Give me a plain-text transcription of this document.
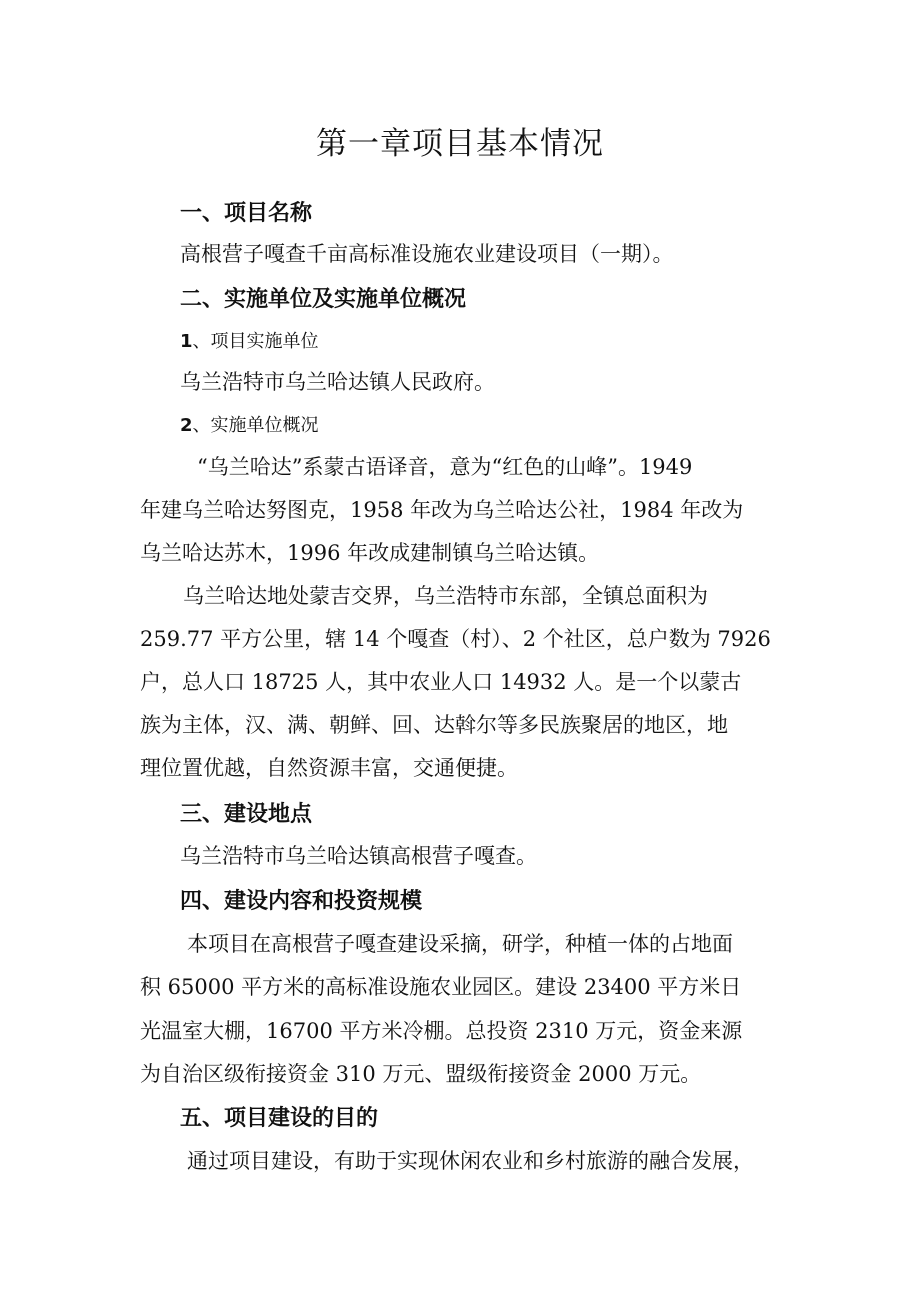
第一章项目基本情况
一、项目名称
高根营子嘎查千亩高标准设施农业建设项目（一期）。
二、实施单位及实施单位概况
1、项目实施单位
乌兰浩特市乌兰哈达镇人民政府。
2、实施单位概况
“乌兰哈达”系蒙古语译音，意为“红色的山峰”。1949
年建乌兰哈达努图克，1958 年改为乌兰哈达公社，1984 年改为
乌兰哈达苏木，1996 年改成建制镇乌兰哈达镇。
乌兰哈达地处蒙吉交界，乌兰浩特市东部，全镇总面积为
259.77 平方公里，辖 14 个嘎查（村）、2 个社区，总户数为 7926
户，总人口 18725 人，其中农业人口 14932 人。是一个以蒙古
族为主体，汉、满、朝鲜、回、达斡尔等多民族聚居的地区，地
理位置优越，自然资源丰富，交通便捷。
三、建设地点
乌兰浩特市乌兰哈达镇高根营子嘎查。
四、建设内容和投资规模
本项目在高根营子嘎查建设采摘，研学，种植一体的占地面
积 65000 平方米的高标准设施农业园区。建设 23400 平方米日
光温室大棚，16700 平方米冷棚。总投资 2310 万元，资金来源
为自治区级衔接资金 310 万元、盟级衔接资金 2000 万元。
五、项目建设的目的
通过项目建设，有助于实现休闲农业和乡村旅游的融合发展，
